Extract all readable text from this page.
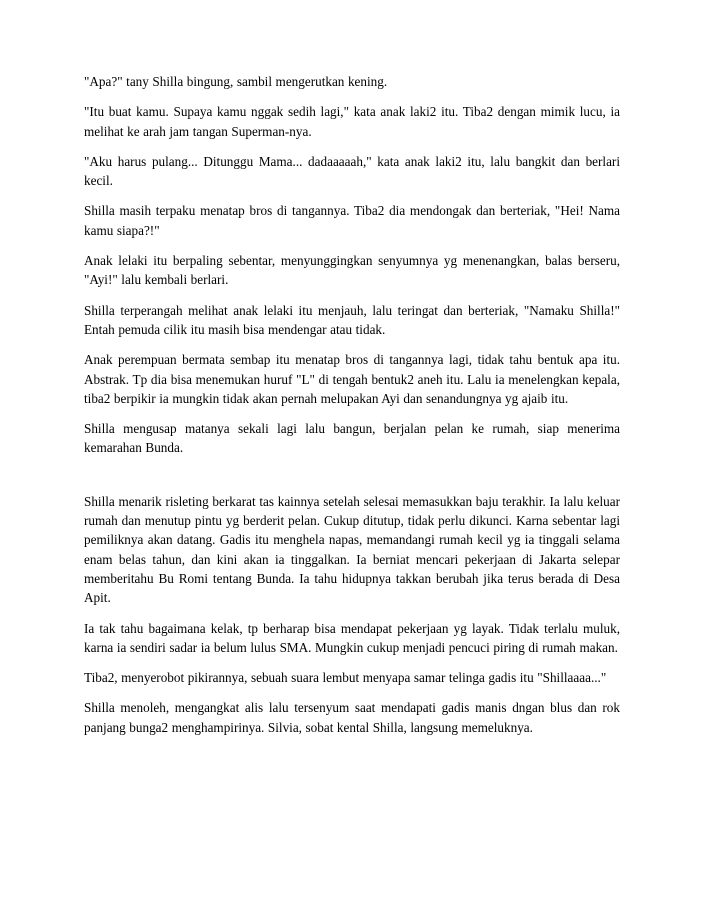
"Apa?" tany Shilla bingung, sambil mengerutkan kening.

"Itu buat kamu. Supaya kamu nggak sedih lagi," kata anak laki2 itu. Tiba2 dengan mimik lucu, ia melihat ke arah jam tangan Superman-nya.

"Aku harus pulang... Ditunggu Mama... dadaaaaah," kata anak laki2 itu, lalu bangkit dan berlari kecil.

Shilla masih terpaku menatap bros di tangannya. Tiba2 dia mendongak dan berteriak, "Hei! Nama kamu siapa?!"

Anak lelaki itu berpaling sebentar, menyunggingkan senyumnya yg menenangkan, balas berseru, "Ayi!" lalu kembali berlari.

Shilla terperangah melihat anak lelaki itu menjauh, lalu teringat dan berteriak, "Namaku Shilla!" Entah pemuda cilik itu masih bisa mendengar atau tidak.

Anak perempuan bermata sembap itu menatap bros di tangannya lagi, tidak tahu bentuk apa itu. Abstrak. Tp dia bisa menemukan huruf "L" di tengah bentuk2 aneh itu. Lalu ia menelengkan kepala, tiba2 berpikir ia mungkin tidak akan pernah melupakan Ayi dan senandungnya yg ajaib itu.

Shilla mengusap matanya sekali lagi lalu bangun, berjalan pelan ke rumah, siap menerima kemarahan Bunda.

Shilla menarik risleting berkarat tas kainnya setelah selesai memasukkan baju terakhir. Ia lalu keluar rumah dan menutup pintu yg berderit pelan. Cukup ditutup, tidak perlu dikunci. Karna sebentar lagi pemiliknya akan datang. Gadis itu menghela napas, memandangi rumah kecil yg ia tinggali selama enam belas tahun, dan kini akan ia tinggalkan. Ia berniat mencari pekerjaan di Jakarta selepar memberitahu Bu Romi tentang Bunda. Ia tahu hidupnya takkan berubah jika terus berada di Desa Apit.

Ia tak tahu bagaimana kelak, tp berharap bisa mendapat pekerjaan yg layak. Tidak terlalu muluk, karna ia sendiri sadar ia belum lulus SMA. Mungkin cukup menjadi pencuci piring di rumah makan.

Tiba2, menyerobot pikirannya, sebuah suara lembut menyapa samar telinga gadis itu "Shillaaaa..."

Shilla menoleh, mengangkat alis lalu tersenyum saat mendapati gadis manis dngan blus dan rok panjang bunga2 menghampirinya. Silvia, sobat kental Shilla, langsung memeluknya.
